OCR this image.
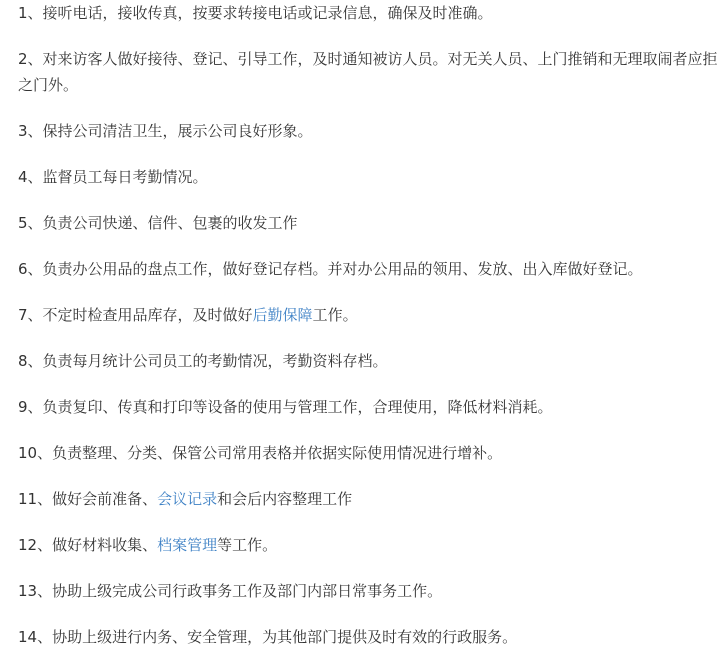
1、接听电话，接收传真，按要求转接电话或记录信息，确保及时准确。
2、对来访客人做好接待、登记、引导工作，及时通知被访人员。对无关人员、上门推销和无理取闹者应拒之门外。
3、保持公司清洁卫生，展示公司良好形象。
4、监督员工每日考勤情况。
5、负责公司快递、信件、包裹的收发工作
6、负责办公用品的盘点工作，做好登记存档。并对办公用品的领用、发放、出入库做好登记。
7、不定时检查用品库存，及时做好后勤保障工作。
8、负责每月统计公司员工的考勤情况，考勤资料存档。
9、负责复印、传真和打印等设备的使用与管理工作，合理使用，降低材料消耗。
10、负责整理、分类、保管公司常用表格并依据实际使用情况进行增补。
11、做好会前准备、会议记录和会后内容整理工作
12、做好材料收集、档案管理等工作。
13、协助上级完成公司行政事务工作及部门内部日常事务工作。
14、协助上级进行内务、安全管理，为其他部门提供及时有效的行政服务。
